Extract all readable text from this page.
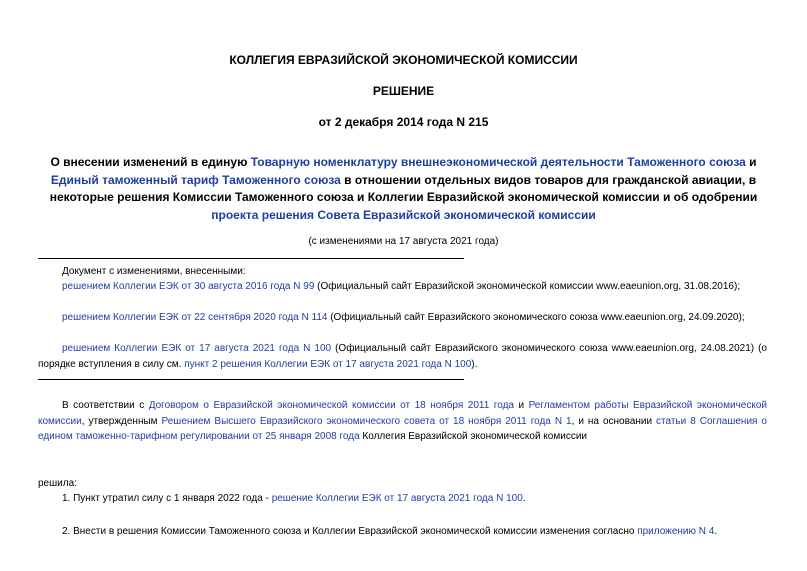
КОЛЛЕГИЯ ЕВРАЗИЙСКОЙ ЭКОНОМИЧЕСКОЙ КОМИССИИ
РЕШЕНИЕ
от 2 декабря 2014 года N 215
О внесении изменений в единую Товарную номенклатуру внешнеэкономической деятельности Таможенного союза и Единый таможенный тариф Таможенного союза в отношении отдельных видов товаров для гражданской авиации, в некоторые решения Комиссии Таможенного союза и Коллегии Евразийской экономической комиссии и об одобрении проекта решения Совета Евразийской экономической комиссии
(с изменениями на 17 августа 2021 года)
Документ с изменениями, внесенными:
решением Коллегии ЕЭК от 30 августа 2016 года N 99 (Официальный сайт Евразийской экономической комиссии www.eaeunion.org, 31.08.2016);
решением Коллегии ЕЭК от 22 сентября 2020 года N 114 (Официальный сайт Евразийского экономического союза www.eaeunion.org, 24.09.2020);
решением Коллегии ЕЭК от 17 августа 2021 года N 100 (Официальный сайт Евразийского экономического союза www.eaeunion.org, 24.08.2021) (о порядке вступления в силу см. пункт 2 решения Коллегии ЕЭК от 17 августа 2021 года N 100).
В соответствии с Договором о Евразийской экономической комиссии от 18 ноября 2011 года и Регламентом работы Евразийской экономической комиссии, утвержденным Решением Высшего Евразийского экономического совета от 18 ноября 2011 года N 1, и на основании статьи 8 Соглашения о едином таможенно-тарифном регулировании от 25 января 2008 года Коллегия Евразийской экономической комиссии
решила:
1. Пункт утратил силу с 1 января 2022 года - решение Коллегии ЕЭК от 17 августа 2021 года N 100.
2. Внести в решения Комиссии Таможенного союза и Коллегии Евразийской экономической комиссии изменения согласно приложению N 4.
